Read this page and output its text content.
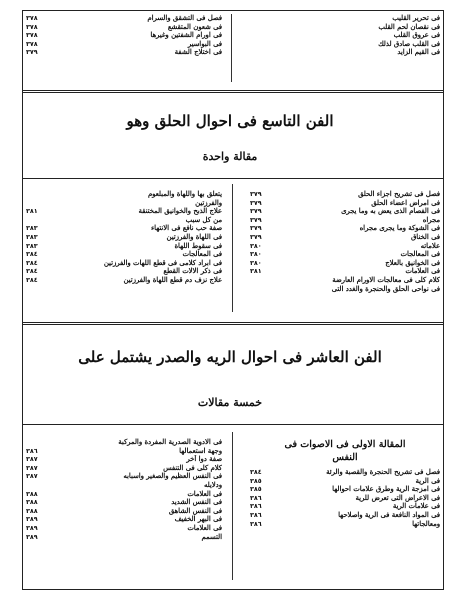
فى تحرير القليب
فى نقصان لحم القلب
فى عروق القلب
فى القلب صادق لذلك
فى القيم الزايد
فصل فى التشقق والسرام
٣٧٨
فى شعون المتقشع
٣٧٨
فى اورام الشفتين وغيرها
٣٧٨
فى البواسير
٣٧٨
فى اختلاج الشفة
٣٧٩
الفن التاسع فى احوال الحلق وهو
مقالة واحدة
فصل فى تشريح اجزاء الحلق
٣٧٩
فى امراض اعضاء الحلق
٣٧٩
فى الفصام الذى يعض به وما يجرى
٣٧٩
مجراه
٣٧٩
فى الشوكة وما يجرى مجراه
٣٧٩
فى الخناق
٣٧٩
علاماته
٣٨٠
فى المعالجات
٣٨٠
فى الخوانيق بالعلاج
٣٨٠
فى العلامات
٣٨١
كلام كلى فى معالجات الاورام العارضة
فى نواحى الحلق والحنجرة والغدد التى
يتعلق بها واللهاة والمبلعوم
والفرزتين
علاج الذبح والخوانيق المختنقة
٣٨١
من كل سبب
صفة حب نافع فى الانتهاء
٣٨٣
فى اللهاة والفرزتين
٣٨٣
فى سقوط اللهاة
٣٨٣
فى المعالجات
٣٨٤
فى ابراد كلامى فى قطع اللهات والفرزتين
٣٨٤
فى ذكر الالات القطع
٣٨٤
علاج نزف دم قطع اللهاة والفرزتين
٣٨٤
الفن العاشر فى احوال الريه والصدر يشتمل على
خمسة مقالات
المقالة الاولى فى الاصوات فى
النفس
فصل فى تشريح الحنجرة والقصبة والرئة
٣٨٤
فى الرية
٣٨٥
فى امزجة الرية وطرق علامات احوالها
٣٨٥
فى الاعراض التى تعرض للرية
٣٨٦
فى علامات الرية
٣٨٦
فى المواد النافعة فى الرية واصلاحها
٣٨٦
ومعالجاتها
٣٨٦
فى الادوية الصدرية المفردة والمركبة
وجهة استعمالها
٣٨٦
صفة دوا آخر
٣٨٧
كلام كلى فى التنفس
٣٨٧
فى النفس العظيم والصغير واسبابه
٣٨٧
ودلايله
فى العلامات
٣٨٨
فى النفس الشديد
٣٨٨
فى النفس الشاهق
٣٨٨
فى البهر الخفيف
٣٨٩
فى العلامات
٣٨٩
التسمم
٣٨٩
